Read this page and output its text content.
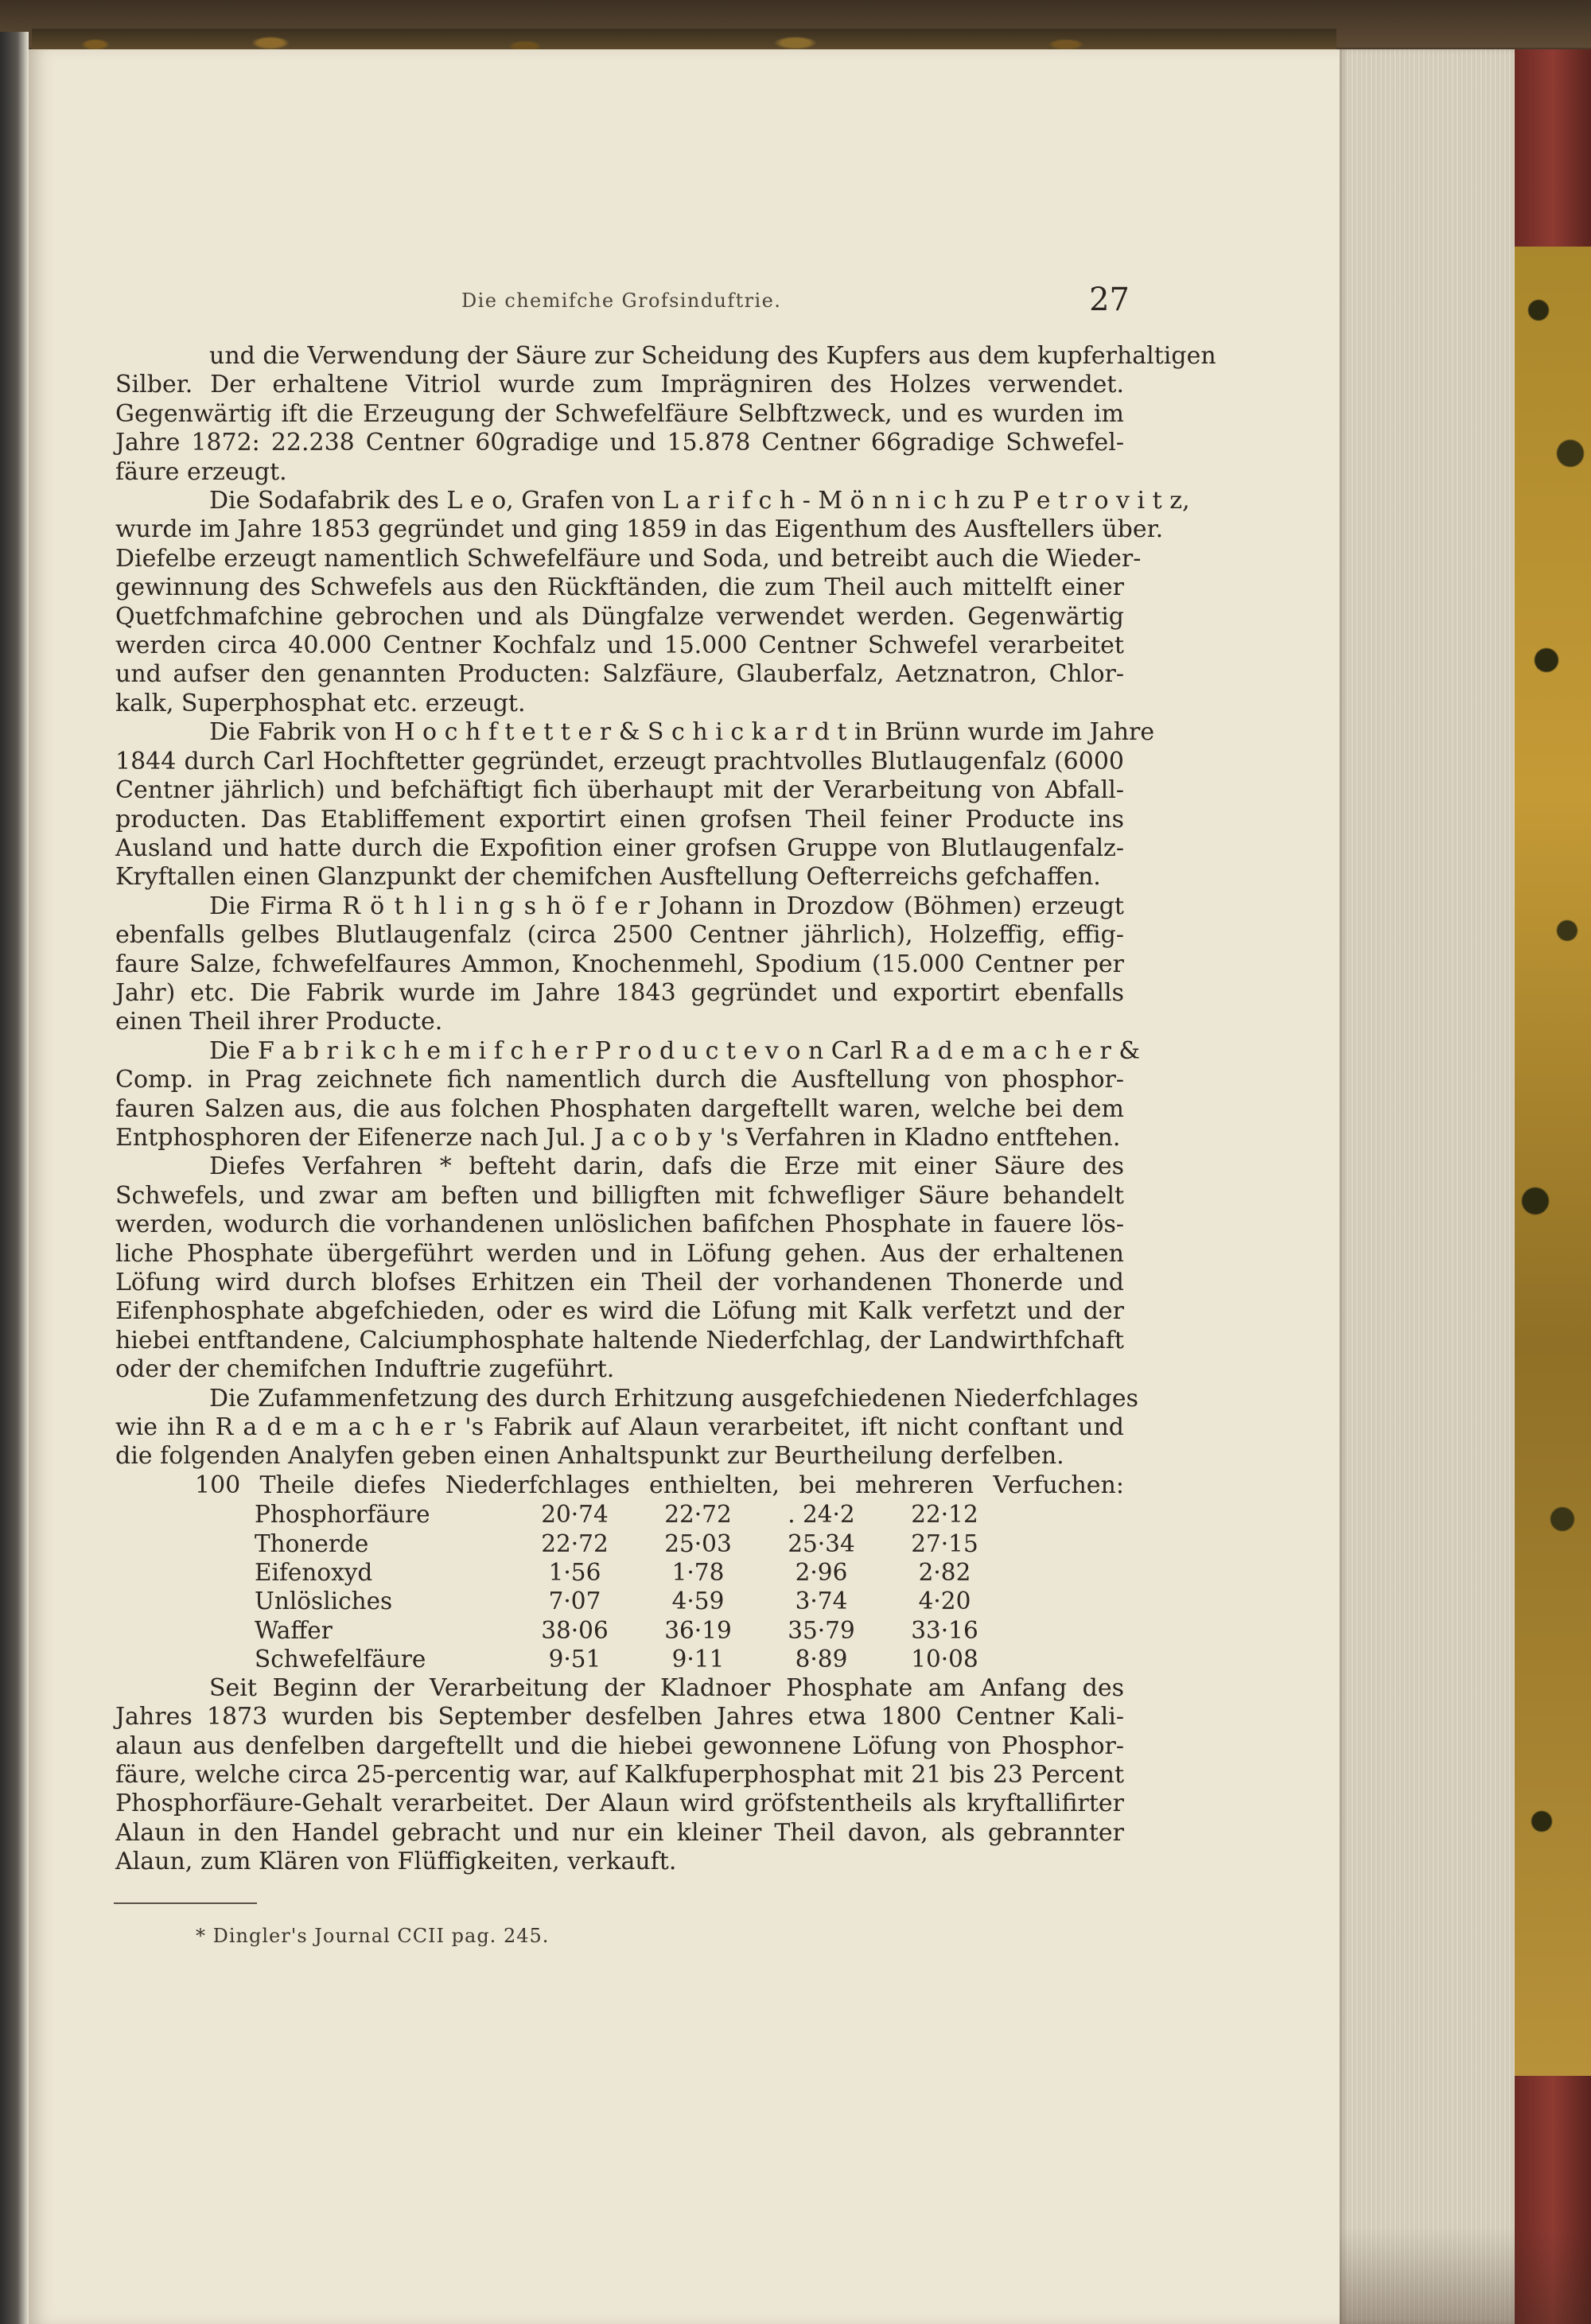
Die chemifche Grofsinduftrie.	27
und die Verwendung der Säure zur Scheidung des Kupfers aus dem kupferhaltigen
Silber. Der erhaltene Vitriol wurde zum Imprägniren des Holzes verwendet.
Gegenwärtig ift die Erzeugung der Schwefelfäure Selbftzweck, und es wurden im
Jahre 1872: 22.238 Centner 60gradige und 15.878 Centner 66gradige Schwefel-
fäure erzeugt.
Die Sodafabrik des L e o, Grafen von L a r i f c h - M ö n n i c h zu P e t r o v i t z,
wurde im Jahre 1853 gegründet und ging 1859 in das Eigenthum des Ausftellers über.
Diefelbe erzeugt namentlich Schwefelfäure und Soda, und betreibt auch die Wieder-
gewinnung des Schwefels aus den Rückftänden, die zum Theil auch mittelft einer
Quetfchmafchine gebrochen und als Düngfalze verwendet werden. Gegenwärtig
werden circa 40.000 Centner Kochfalz und 15.000 Centner Schwefel verarbeitet
und aufser den genannten Producten: Salzfäure, Glauberfalz, Aetznatron, Chlor-
kalk, Superphosphat etc. erzeugt.
Die Fabrik von H o c h f t e t t e r & S c h i c k a r d t in Brünn wurde im Jahre
1844 durch Carl Hochftetter gegründet, erzeugt prachtvolles Blutlaugenfalz (6000
Centner jährlich) und befchäftigt fich überhaupt mit der Verarbeitung von Abfall-
producten. Das Etabliffement exportirt einen grofsen Theil feiner Producte ins
Ausland und hatte durch die Expofition einer grofsen Gruppe von Blutlaugenfalz-
Kryftallen einen Glanzpunkt der chemifchen Ausftellung Oefterreichs gefchaffen.
Die Firma R ö t h l i n g s h ö f e r Johann in Drozdow (Böhmen) erzeugt
ebenfalls gelbes Blutlaugenfalz (circa 2500 Centner jährlich), Holzeffig, effig-
faure Salze, fchwefelfaures Ammon, Knochenmehl, Spodium (15.000 Centner per
Jahr) etc. Die Fabrik wurde im Jahre 1843 gegründet und exportirt ebenfalls
einen Theil ihrer Producte.
Die F a b r i k c h e m i f c h e r P r o d u c t e v o n Carl R a d e m a c h e r &
Comp. in Prag zeichnete fich namentlich durch die Ausftellung von phosphor-
fauren Salzen aus, die aus folchen Phosphaten dargeftellt waren, welche bei dem
Entphosphoren der Eifenerze nach Jul. J a c o b y 's Verfahren in Kladno entftehen.
Diefes Verfahren * befteht darin, dafs die Erze mit einer Säure des
Schwefels, und zwar am beften und billigften mit fchwefliger Säure behandelt
werden, wodurch die vorhandenen unlöslichen bafifchen Phosphate in fauere lös-
liche Phosphate übergeführt werden und in Löfung gehen. Aus der erhaltenen
Löfung wird durch blofses Erhitzen ein Theil der vorhandenen Thonerde und
Eifenphosphate abgefchieden, oder es wird die Löfung mit Kalk verfetzt und der
hiebei entftandene, Calciumphosphate haltende Niederfchlag, der Landwirthfchaft
oder der chemifchen Induftrie zugeführt.
Die Zufammenfetzung des durch Erhitzung ausgefchiedenen Niederfchlages
wie ihn R a d e m a c h e r 's Fabrik auf Alaun verarbeitet, ift nicht conftant und
die folgenden Analyfen geben einen Anhaltspunkt zur Beurtheilung derfelben.
100 Theile diefes Niederfchlages enthielten, bei mehreren Verfuchen:
Phosphorfäure	20·74	22·72	. 24·2	22·12
Thonerde	22·72	25·03	25·34	27·15
Eifenoxyd	1·56	1·78	2·96	2·82
Unlösliches	7·07	4·59	3·74	4·20
Waffer	38·06	36·19	35·79	33·16
Schwefelfäure	9·51	9·11	8·89	10·08
Seit Beginn der Verarbeitung der Kladnoer Phosphate am Anfang des
Jahres 1873 wurden bis September desfelben Jahres etwa 1800 Centner Kali-
alaun aus denfelben dargeftellt und die hiebei gewonnene Löfung von Phosphor-
fäure, welche circa 25-percentig war, auf Kalkfuperphosphat mit 21 bis 23 Percent
Phosphorfäure-Gehalt verarbeitet. Der Alaun wird gröfstentheils als kryftallifirter
Alaun in den Handel gebracht und nur ein kleiner Theil davon, als gebrannter
Alaun, zum Klären von Flüffigkeiten, verkauft.
* Dingler's Journal CCII pag. 245.
